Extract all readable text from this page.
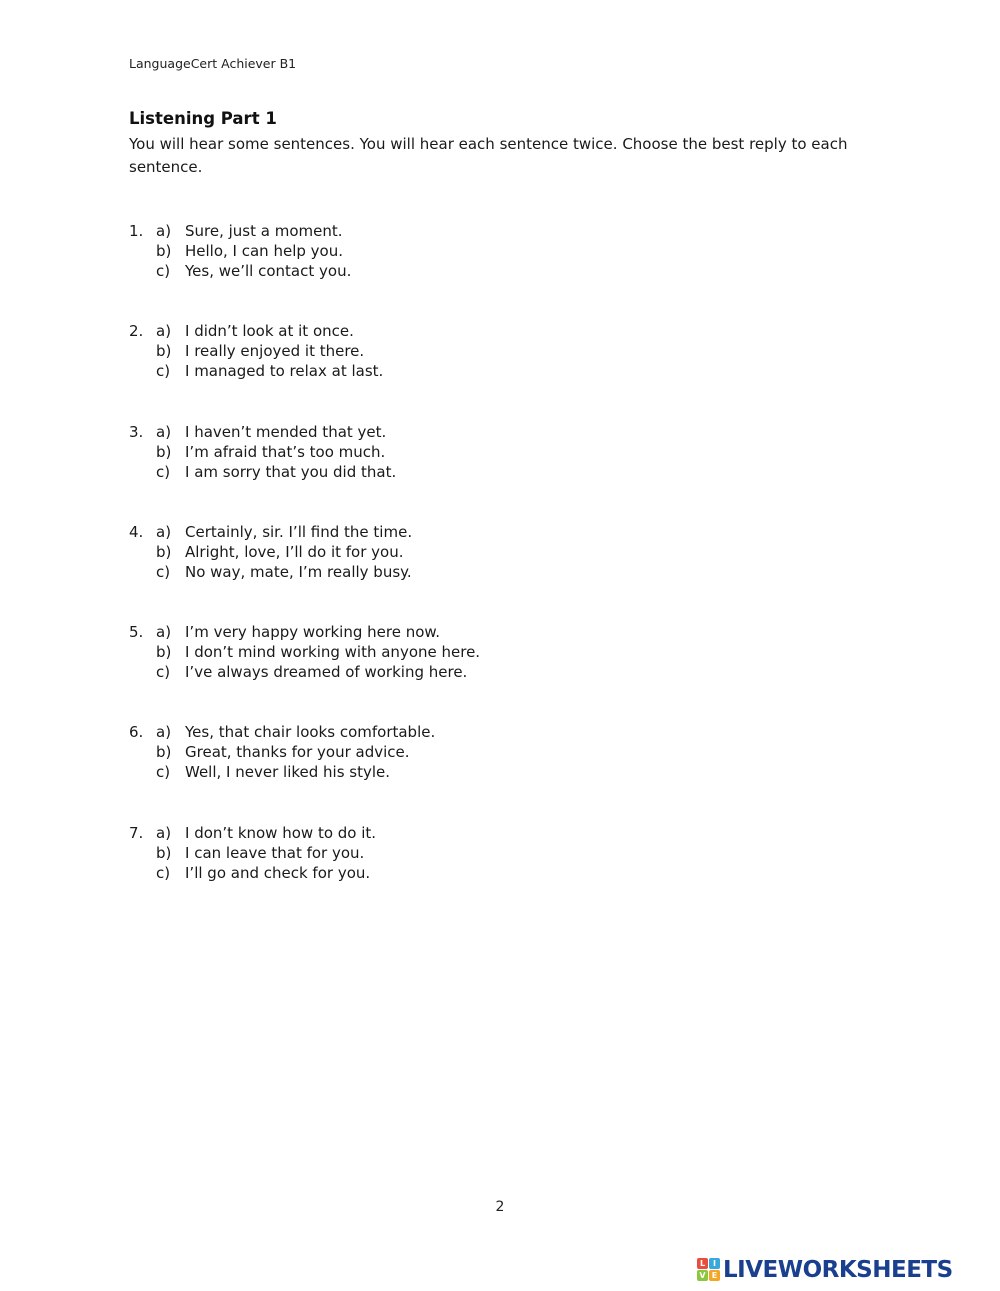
LanguageCert Achiever B1
Listening Part 1
You will hear some sentences. You will hear each sentence twice. Choose the best reply to each sentence.
1. a) Sure, just a moment.
b) Hello, I can help you.
c) Yes, we’ll contact you.
2. a) I didn’t look at it once.
b) I really enjoyed it there.
c) I managed to relax at last.
3. a) I haven’t mended that yet.
b) I’m afraid that’s too much.
c) I am sorry that you did that.
4. a) Certainly, sir. I’ll find the time.
b) Alright, love, I’ll do it for you.
c) No way, mate, I’m really busy.
5. a) I’m very happy working here now.
b) I don’t mind working with anyone here.
c) I’ve always dreamed of working here.
6. a) Yes, that chair looks comfortable.
b) Great, thanks for your advice.
c) Well, I never liked his style.
7. a) I don’t know how to do it.
b) I can leave that for you.
c) I’ll go and check for you.
2
L I
V E LIVEWORKSHEETS
